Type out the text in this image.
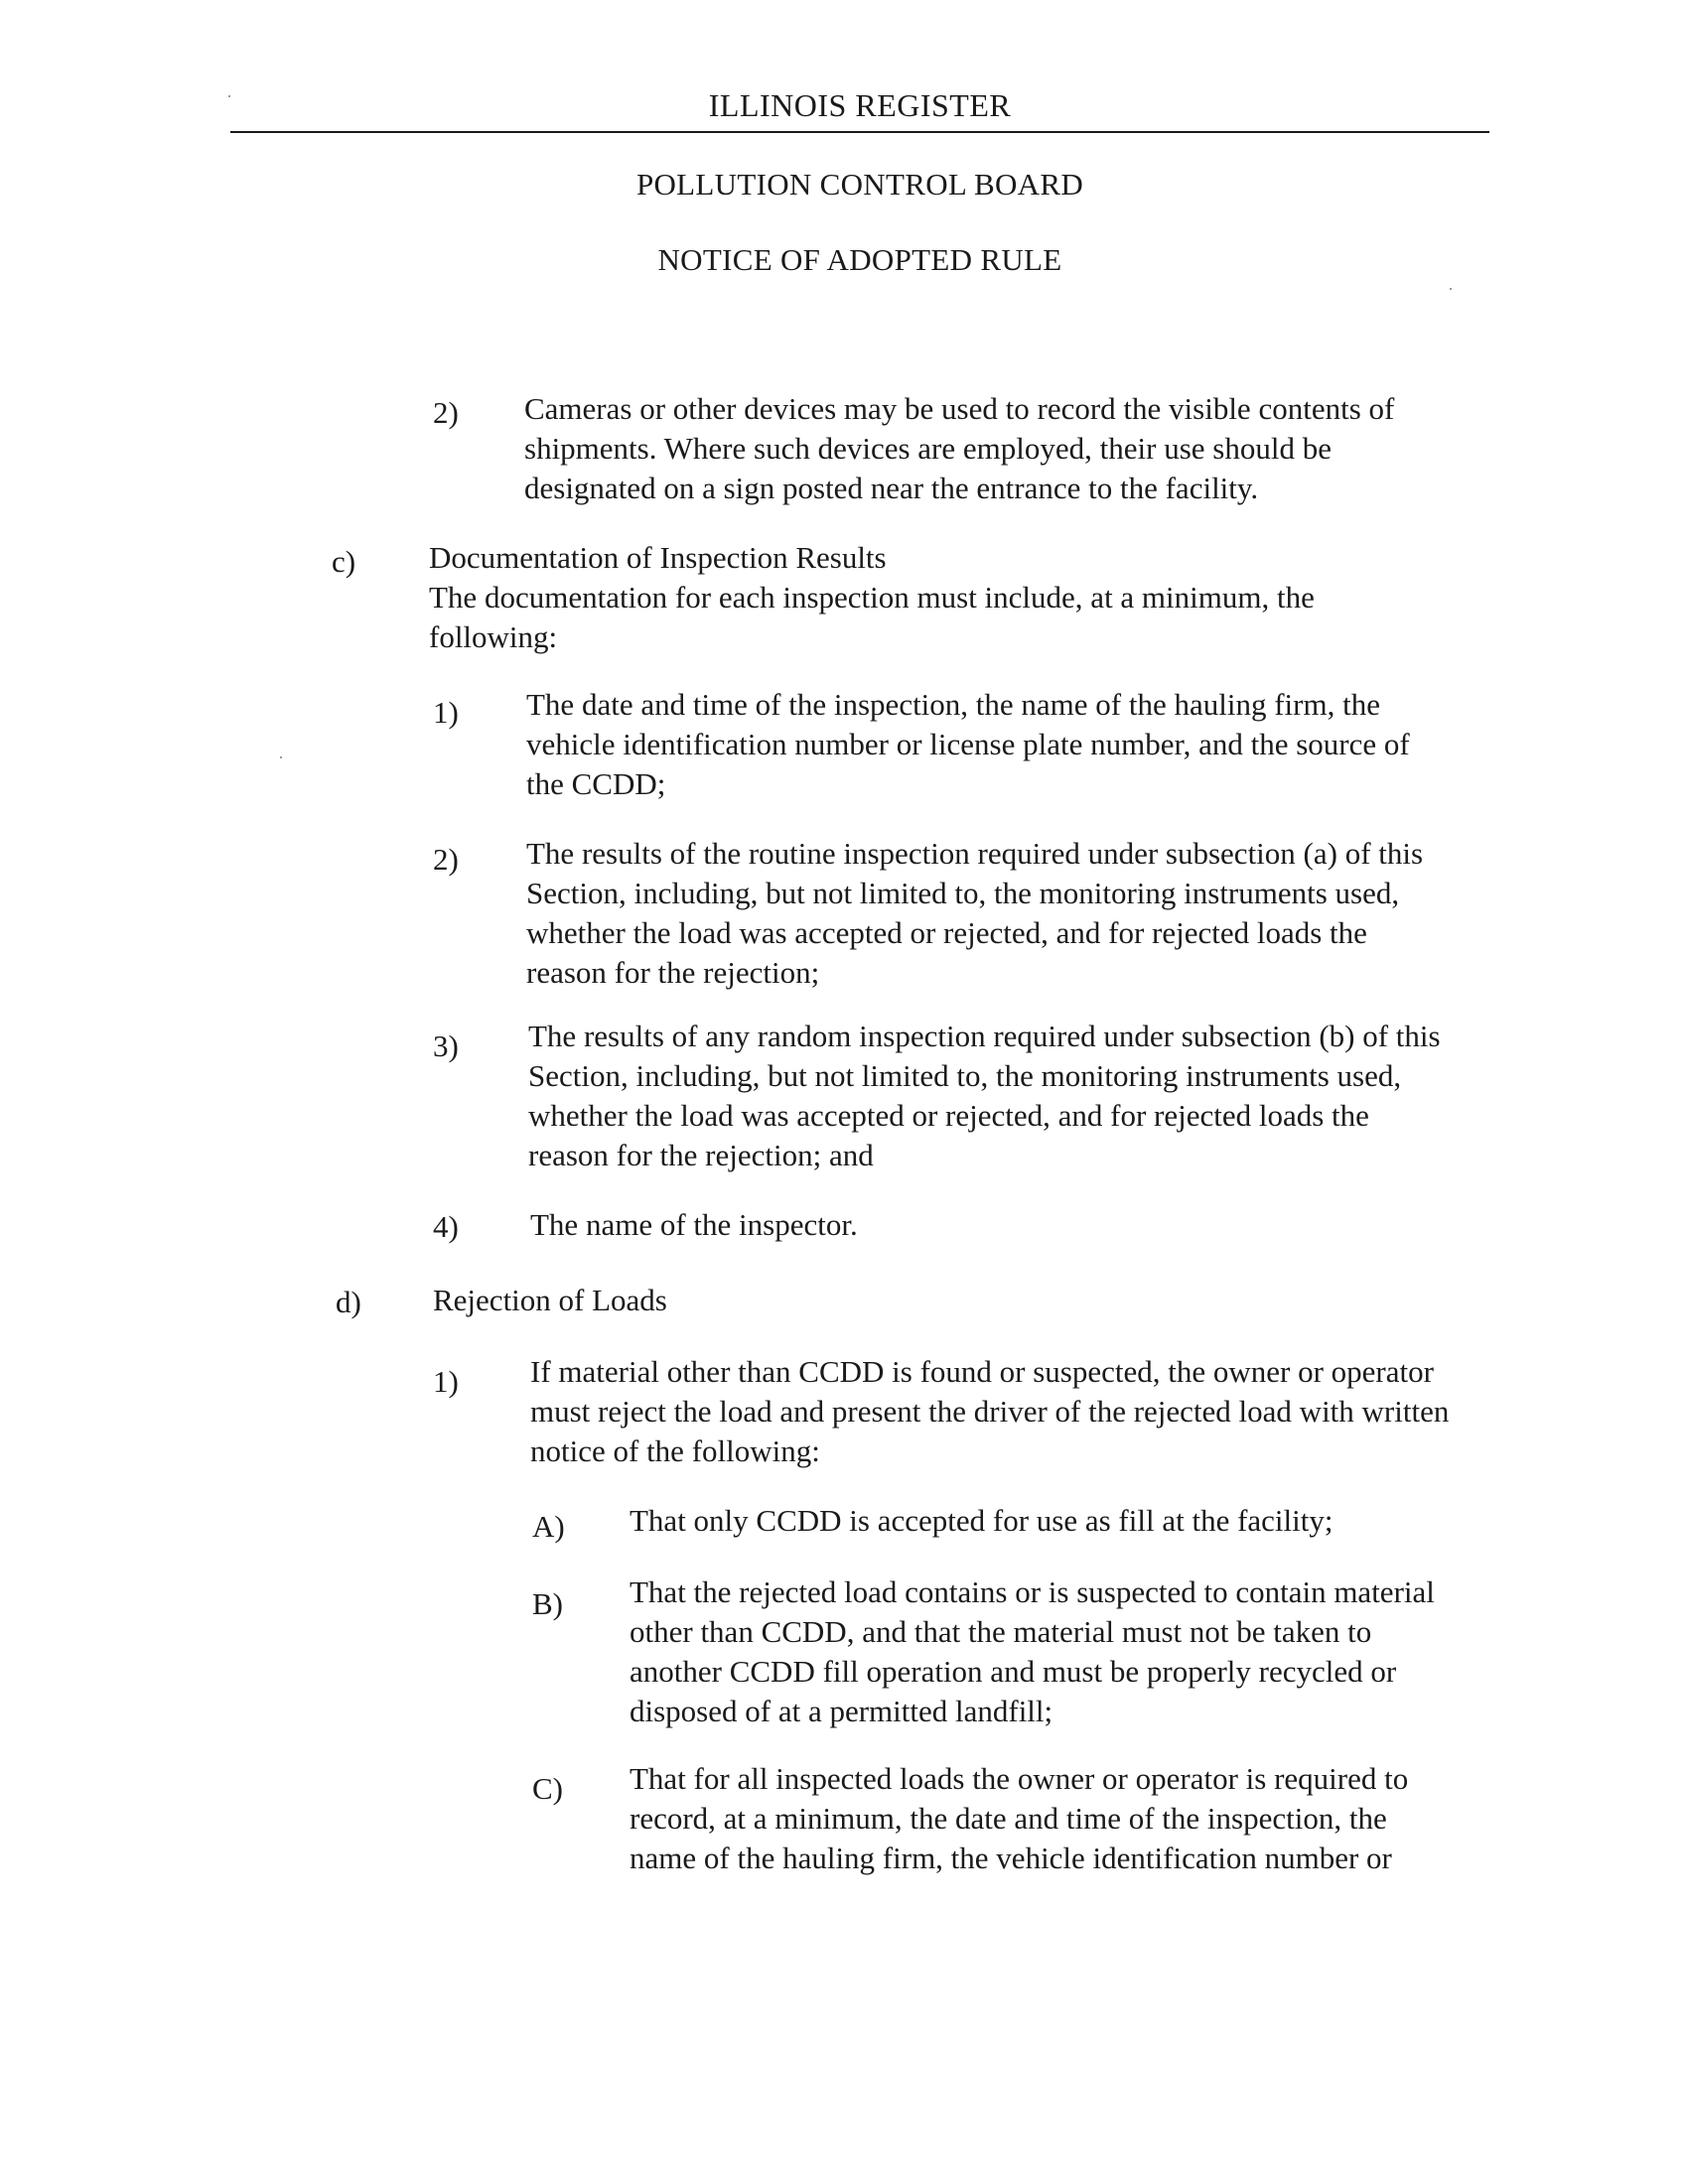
ILLINOIS REGISTER
POLLUTION CONTROL BOARD
NOTICE OF ADOPTED RULE
2) Cameras or other devices may be used to record the visible contents of
shipments. Where such devices are employed, their use should be
designated on a sign posted near the entrance to the facility.
c) Documentation of Inspection Results
The documentation for each inspection must include, at a minimum, the
following:
1) The date and time of the inspection, the name of the hauling firm, the
vehicle identification number or license plate number, and the source of
the CCDD;
2) The results of the routine inspection required under subsection (a) of this
Section, including, but not limited to, the monitoring instruments used,
whether the load was accepted or rejected, and for rejected loads the
reason for the rejection;
3) The results of any random inspection required under subsection (b) of this
Section, including, but not limited to, the monitoring instruments used,
whether the load was accepted or rejected, and for rejected loads the
reason for the rejection; and
4) The name of the inspector.
d) Rejection of Loads
1) If material other than CCDD is found or suspected, the owner or operator
must reject the load and present the driver of the rejected load with written
notice of the following:
A) That only CCDD is accepted for use as fill at the facility;
B) That the rejected load contains or is suspected to contain material
other than CCDD, and that the material must not be taken to
another CCDD fill operation and must be properly recycled or
disposed of at a permitted landfill;
C) That for all inspected loads the owner or operator is required to
record, at a minimum, the date and time of the inspection, the
name of the hauling firm, the vehicle identification number or
